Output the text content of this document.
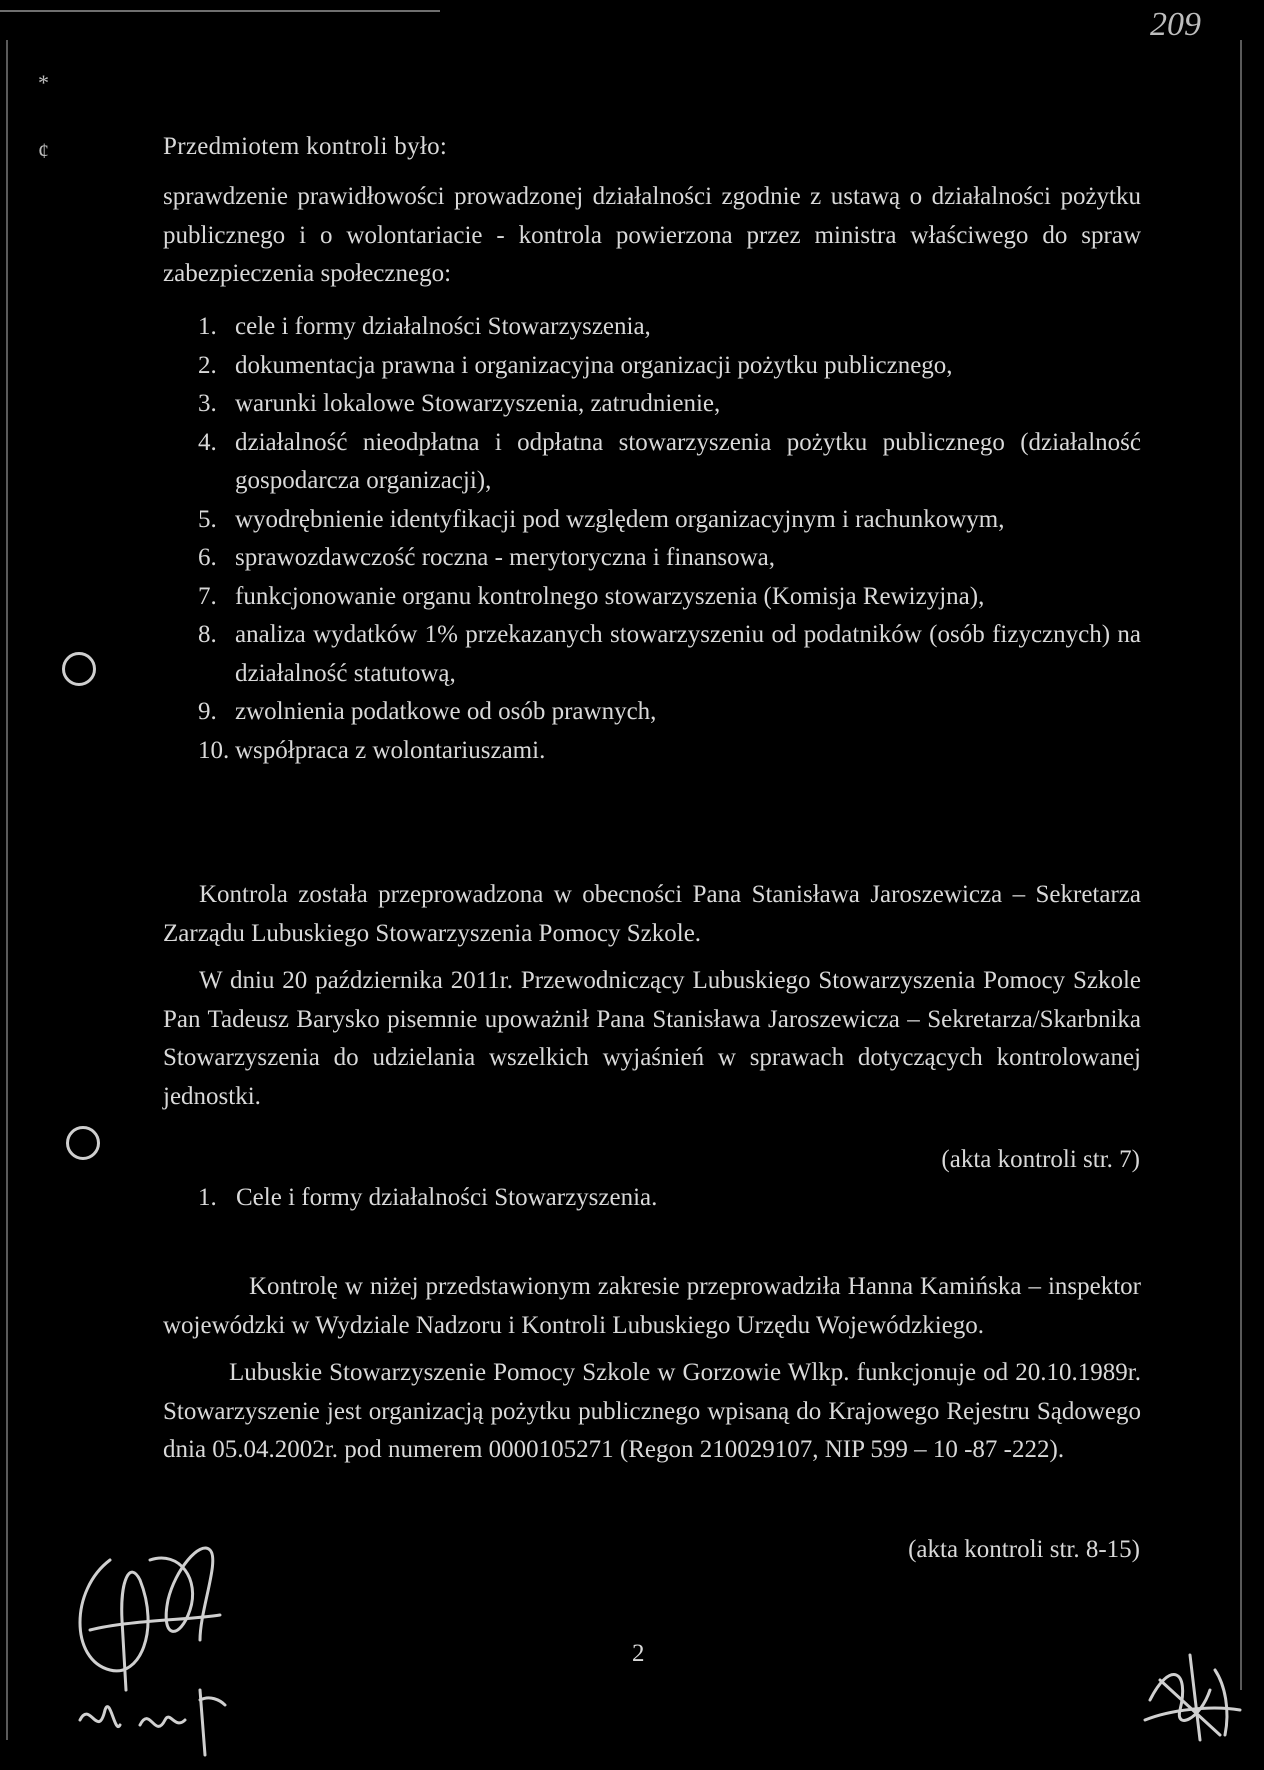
209
*
¢	Przedmiotem kontroli było:

sprawdzenie prawidłowości prowadzonej działalności zgodnie z ustawą o działalności pożytku publicznego i o wolontariacie - kontrola powierzona przez ministra właściwego do spraw zabezpieczenia społecznego:

1. cele i formy działalności Stowarzyszenia,
2. dokumentacja prawna i organizacyjna organizacji pożytku publicznego,
3. warunki lokalowe Stowarzyszenia, zatrudnienie,
4. działalność nieodpłatna i odpłatna stowarzyszenia pożytku publicznego (działalność gospodarcza organizacji),
5. wyodrębnienie identyfikacji pod względem organizacyjnym i rachunkowym,
6. sprawozdawczość roczna - merytoryczna i finansowa,
7. funkcjonowanie organu kontrolnego stowarzyszenia (Komisja Rewizyjna),
8. analiza wydatków 1% przekazanych stowarzyszeniu od podatników (osób fizycznych) na działalność statutową,
9. zwolnienia podatkowe od osób prawnych,
10. współpraca z wolontariuszami.

Kontrola została przeprowadzona w obecności Pana Stanisława Jaroszewicza – Sekretarza Zarządu Lubuskiego Stowarzyszenia Pomocy Szkole.

W dniu 20 października 2011r. Przewodniczący Lubuskiego Stowarzyszenia Pomocy Szkole Pan Tadeusz Barysko pisemnie upoważnił Pana Stanisława Jaroszewicza – Sekretarza/Skarbnika Stowarzyszenia do udzielania wszelkich wyjaśnień w sprawach dotyczących kontrolowanej jednostki.

(akta kontroli str. 7)
1. Cele i formy działalności Stowarzyszenia.

Kontrolę w niżej przedstawionym zakresie przeprowadziła Hanna Kamińska – inspektor wojewódzki w Wydziale Nadzoru i Kontroli Lubuskiego Urzędu Wojewódzkiego.

Lubuskie Stowarzyszenie Pomocy Szkole w Gorzowie Wlkp. funkcjonuje od 20.10.1989r. Stowarzyszenie jest organizacją pożytku publicznego wpisaną do Krajowego Rejestru Sądowego dnia 05.04.2002r. pod numerem 0000105271 (Regon 210029107, NIP 599 – 10 -87 -222).

(akta kontroli str. 8-15)
2
